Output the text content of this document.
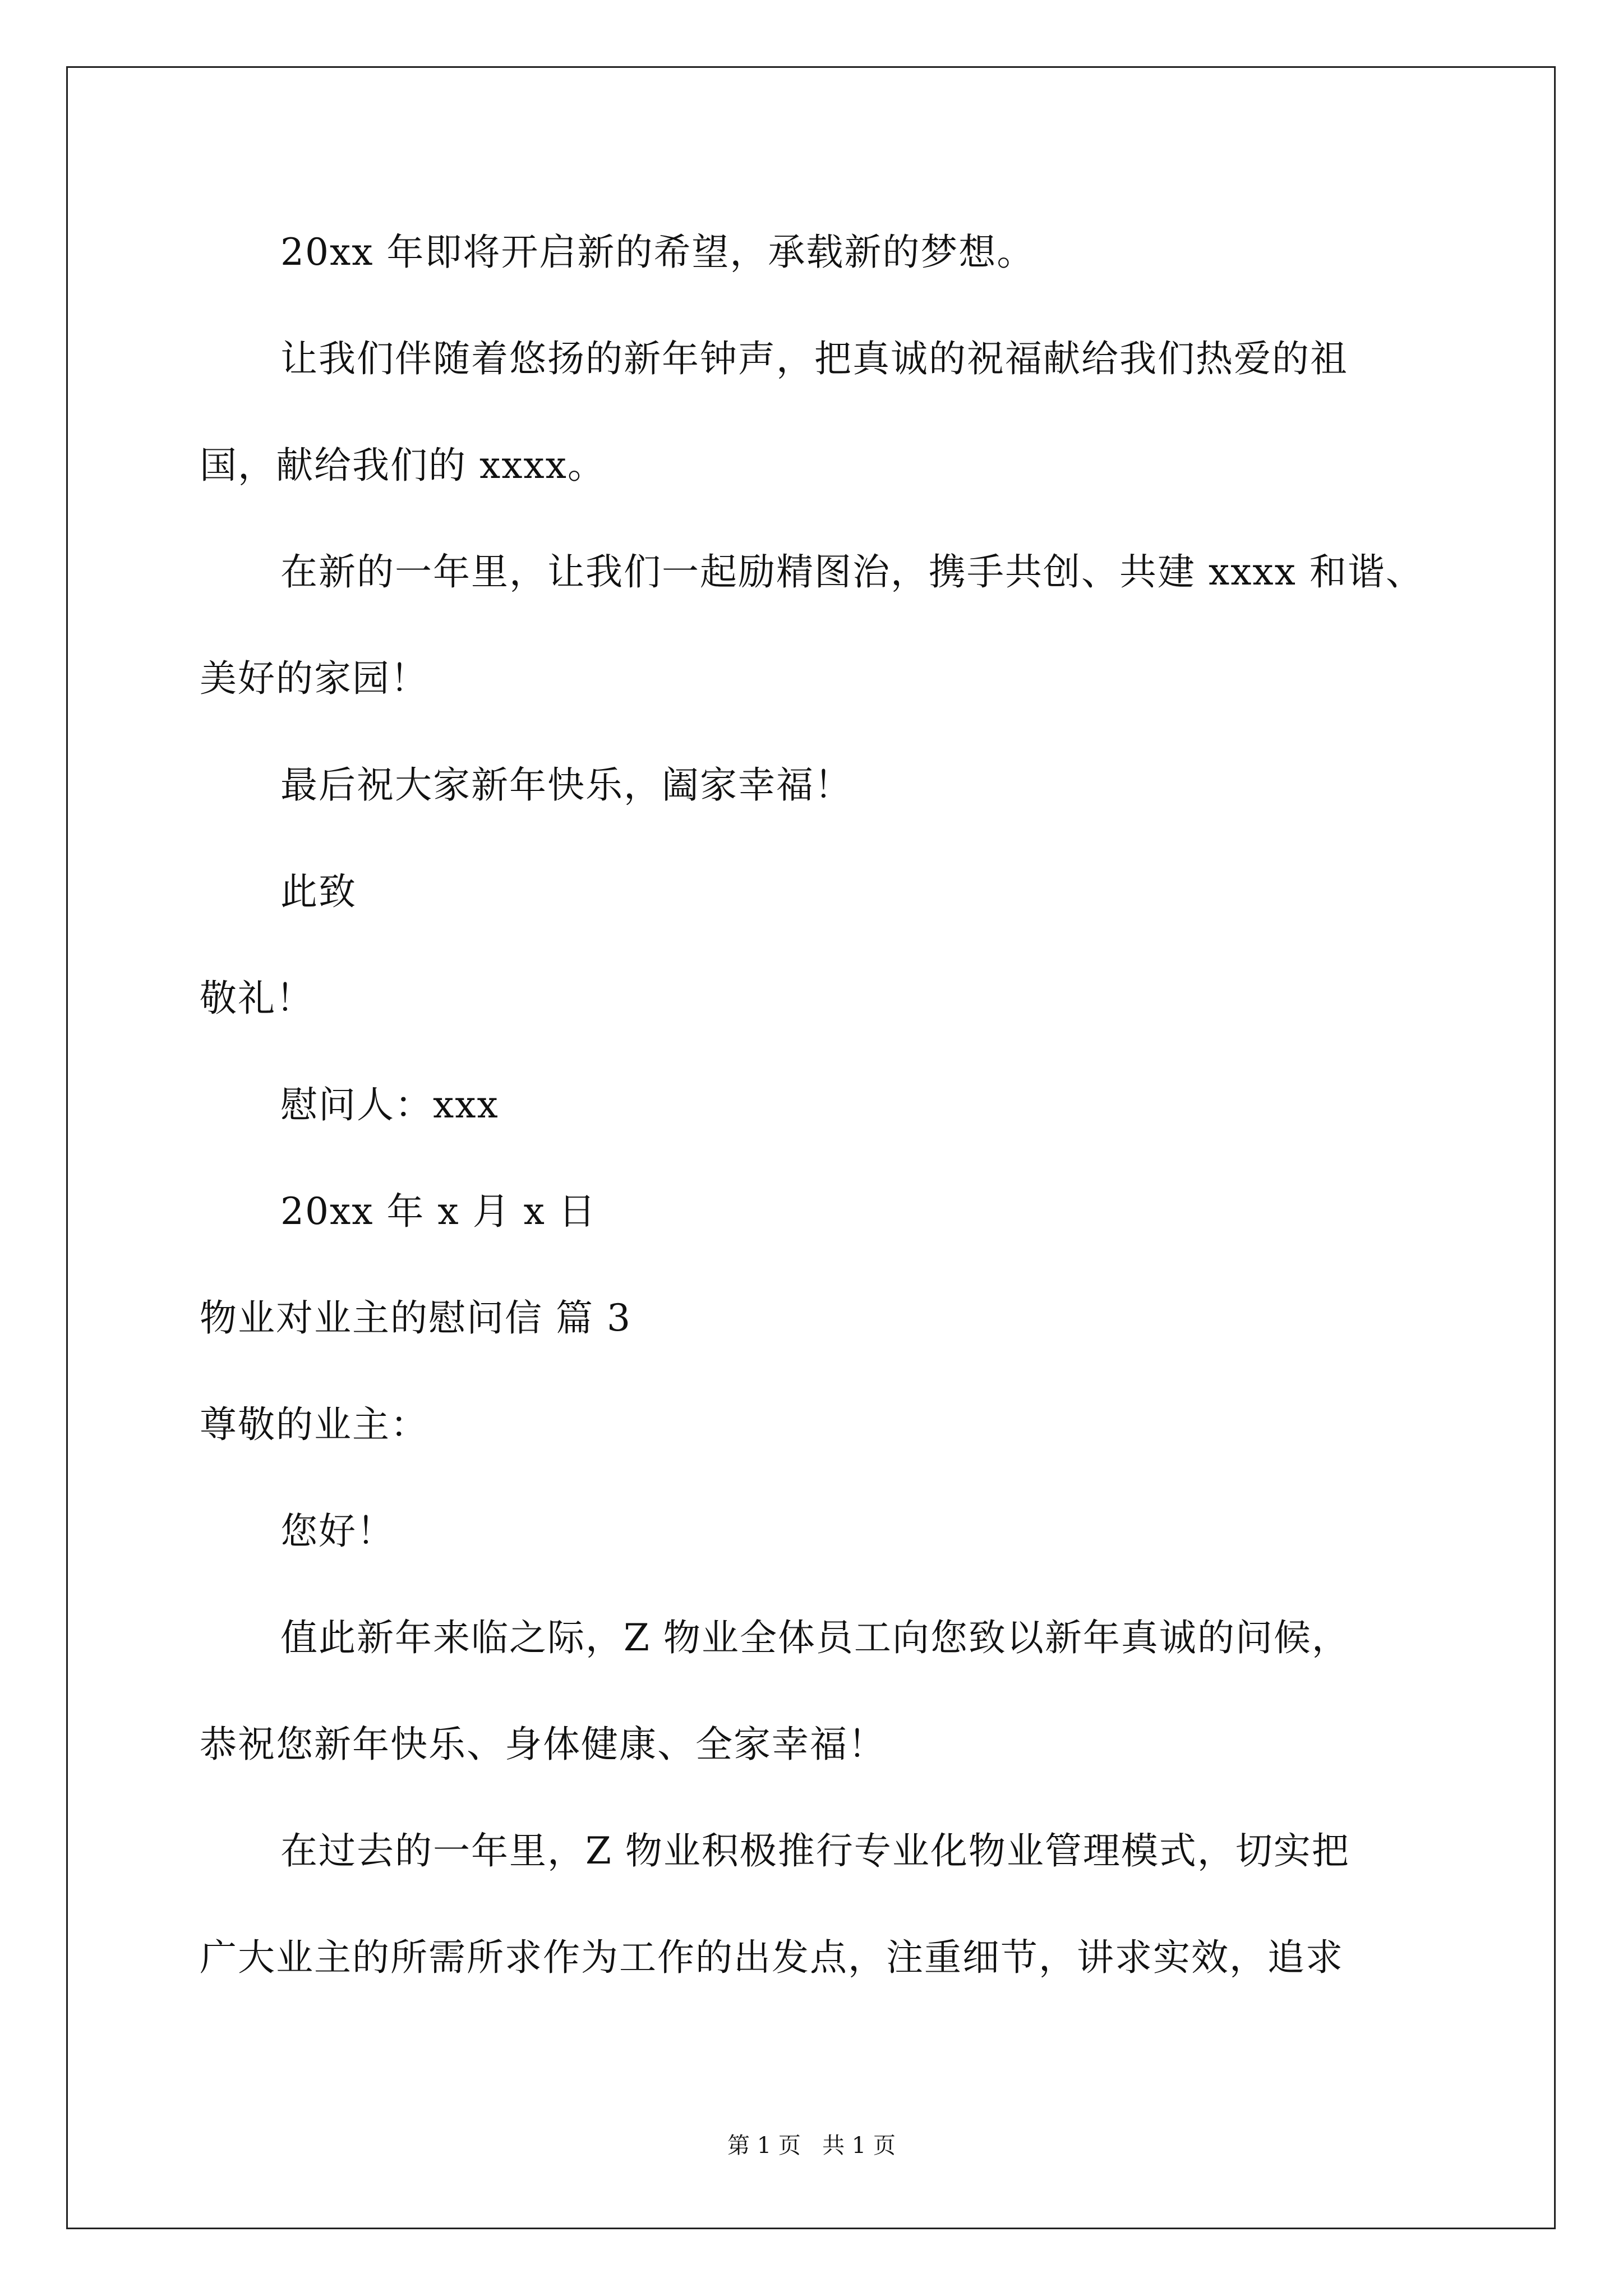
20xx 年即将开启新的希望，承载新的梦想。
让我们伴随着悠扬的新年钟声，把真诚的祝福献给我们热爱的祖
国，献给我们的 xxxx。
在新的一年里，让我们一起励精图治，携手共创、共建 xxxx 和谐、
美好的家园！
最后祝大家新年快乐，阖家幸福！
此致
敬礼！
慰问人：xxx
20xx 年 x 月 x 日
物业对业主的慰问信 篇 3
尊敬的业主：
您好！
值此新年来临之际，Z 物业全体员工向您致以新年真诚的问候，
恭祝您新年快乐、身体健康、全家幸福！
在过去的一年里，Z 物业积极推行专业化物业管理模式，切实把
广大业主的所需所求作为工作的出发点，注重细节，讲求实效，追求
第 1 页   共 1 页
